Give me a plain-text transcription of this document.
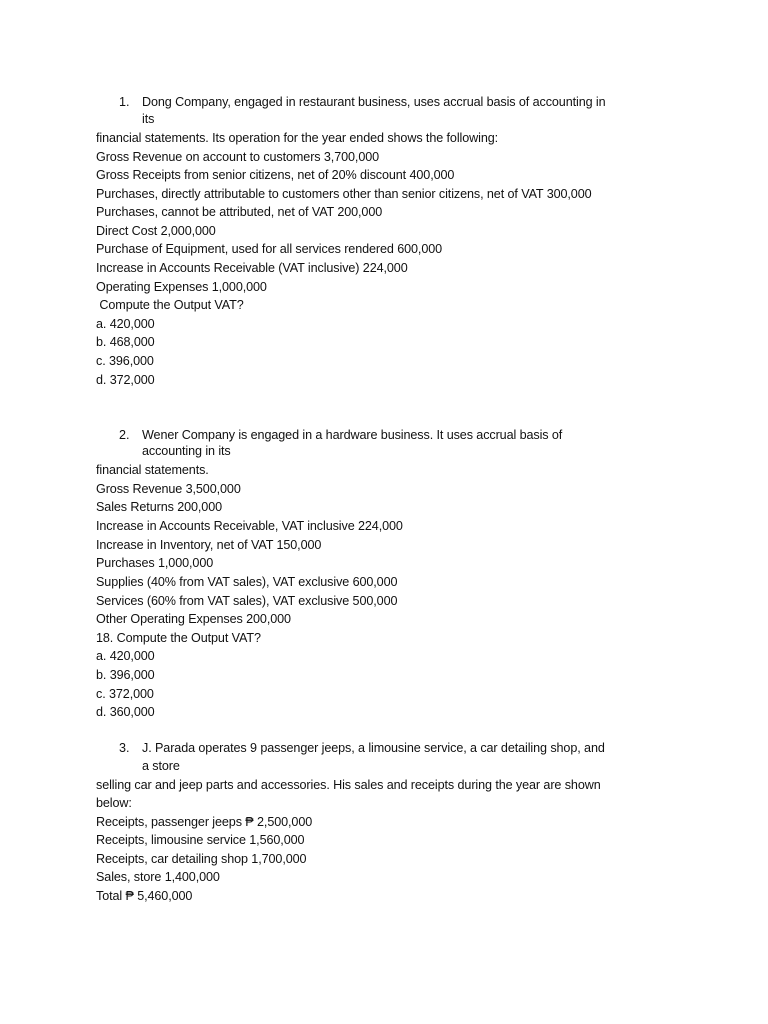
1. Dong Company, engaged in restaurant business, uses accrual basis of accounting in
its
financial statements. Its operation for the year ended shows the following:
Gross Revenue on account to customers 3,700,000
Gross Receipts from senior citizens, net of 20% discount 400,000
Purchases, directly attributable to customers other than senior citizens, net of VAT 300,000
Purchases, cannot be attributed, net of VAT 200,000
Direct Cost 2,000,000
Purchase of Equipment, used for all services rendered 600,000
Increase in Accounts Receivable (VAT inclusive) 224,000
Operating Expenses 1,000,000
Compute the Output VAT?
a. 420,000
b. 468,000
c. 396,000
d. 372,000
2. Wener Company is engaged in a hardware business. It uses accrual basis of
accounting in its
financial statements.
Gross Revenue 3,500,000
Sales Returns 200,000
Increase in Accounts Receivable, VAT inclusive 224,000
Increase in Inventory, net of VAT 150,000
Purchases 1,000,000
Supplies (40% from VAT sales), VAT exclusive 600,000
Services (60% from VAT sales), VAT exclusive 500,000
Other Operating Expenses 200,000
18. Compute the Output VAT?
a. 420,000
b. 396,000
c. 372,000
d. 360,000
3. J. Parada operates 9 passenger jeeps, a limousine service, a car detailing shop, and
a store
selling car and jeep parts and accessories. His sales and receipts during the year are shown
below:
Receipts, passenger jeeps ₱ 2,500,000
Receipts, limousine service 1,560,000
Receipts, car detailing shop 1,700,000
Sales, store 1,400,000
Total ₱ 5,460,000
